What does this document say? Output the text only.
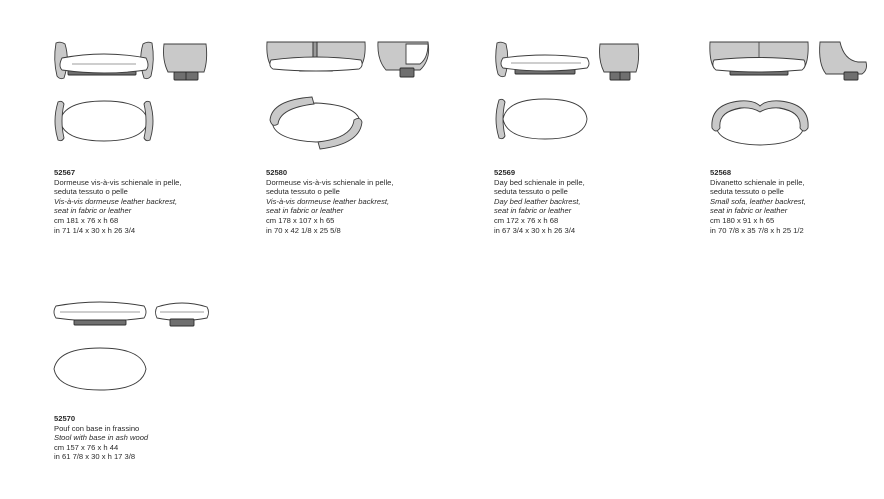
52567
Dormeuse vis-à-vis schienale in pelle,
seduta tessuto o pelle
Vis-à-vis dormeuse leather backrest,
seat in fabric or leather
cm 181 x 76 x h 68
in 71 1/4 x 30 x h 26 3/4
52580
Dormeuse vis-à-vis schienale in pelle,
seduta tessuto o pelle
Vis-à-vis dormeuse leather backrest,
seat in fabric or leather
cm 178 x 107 x h 65
in 70 x 42 1/8 x 25 5/8
52569
Day bed schienale in pelle,
seduta tessuto o pelle
Day bed leather backrest,
seat in fabric or leather
cm 172 x 76 x h 68
in 67 3/4 x 30 x h 26 3/4
52568
Divanetto schienale in pelle,
seduta tessuto o pelle
Small sofa, leather backrest,
seat in fabric or leather
cm 180 x 91 x h 65
in 70 7/8 x 35 7/8 x h 25 1/2
52570
Pouf con base in frassino
Stool with base in ash wood
cm 157 x 76 x h 44
in 61 7/8 x 30 x h 17 3/8
